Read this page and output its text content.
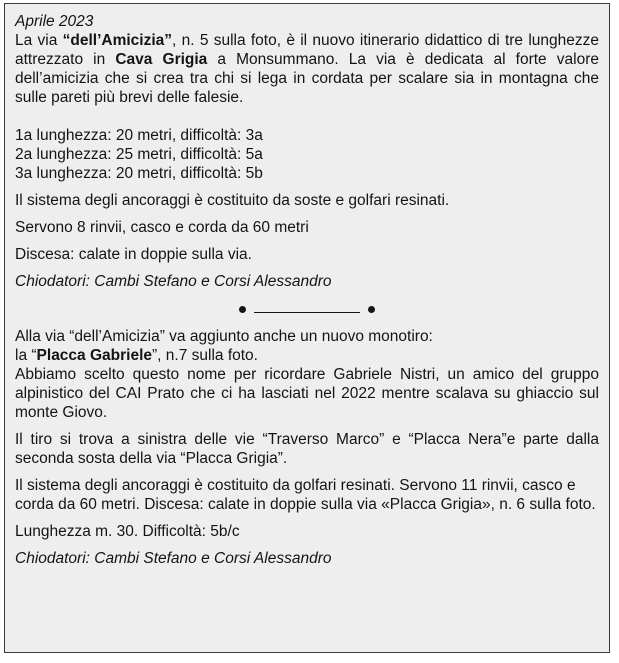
Aprile 2023

La via “dell’Amicizia”, n. 5 sulla foto, è il nuovo itinerario didattico di tre lunghezze attrezzato in Cava Grigia a Monsummano. La via è dedicata al forte valore dell’amicizia che si crea tra chi si lega in cordata per scalare sia in montagna che sulle pareti più brevi delle falesie.

1a lunghezza: 20 metri, difficoltà: 3a

2a lunghezza: 25 metri, difficoltà: 5a

3a lunghezza: 20 metri, difficoltà: 5b

Il sistema degli ancoraggi è costituito da soste e golfari resinati.

Servono 8 rinvii, casco e corda da 60 metri

Discesa: calate in doppie sulla via.

Chiodatori: Cambi Stefano e Corsi Alessandro

Alla via “dell’Amicizia” va aggiunto anche un nuovo monotiro:

la “Placca Gabriele”, n.7 sulla foto.

Abbiamo scelto questo nome per ricordare Gabriele Nistri, un amico del gruppo alpinistico del CAI Prato che ci ha lasciati nel 2022 mentre scalava su ghiaccio sul monte Giovo.

Il tiro si trova a sinistra delle vie “Traverso Marco” e “Placca Nera”e parte dalla seconda sosta della via “Placca Grigia”.

Il sistema degli ancoraggi è costituito da golfari resinati. Servono 11 rinvii, casco e corda da 60 metri. Discesa: calate in doppie sulla via «Placca Grigia», n. 6 sulla foto.

Lunghezza m. 30. Difficoltà: 5b/c

Chiodatori: Cambi Stefano e Corsi Alessandro
